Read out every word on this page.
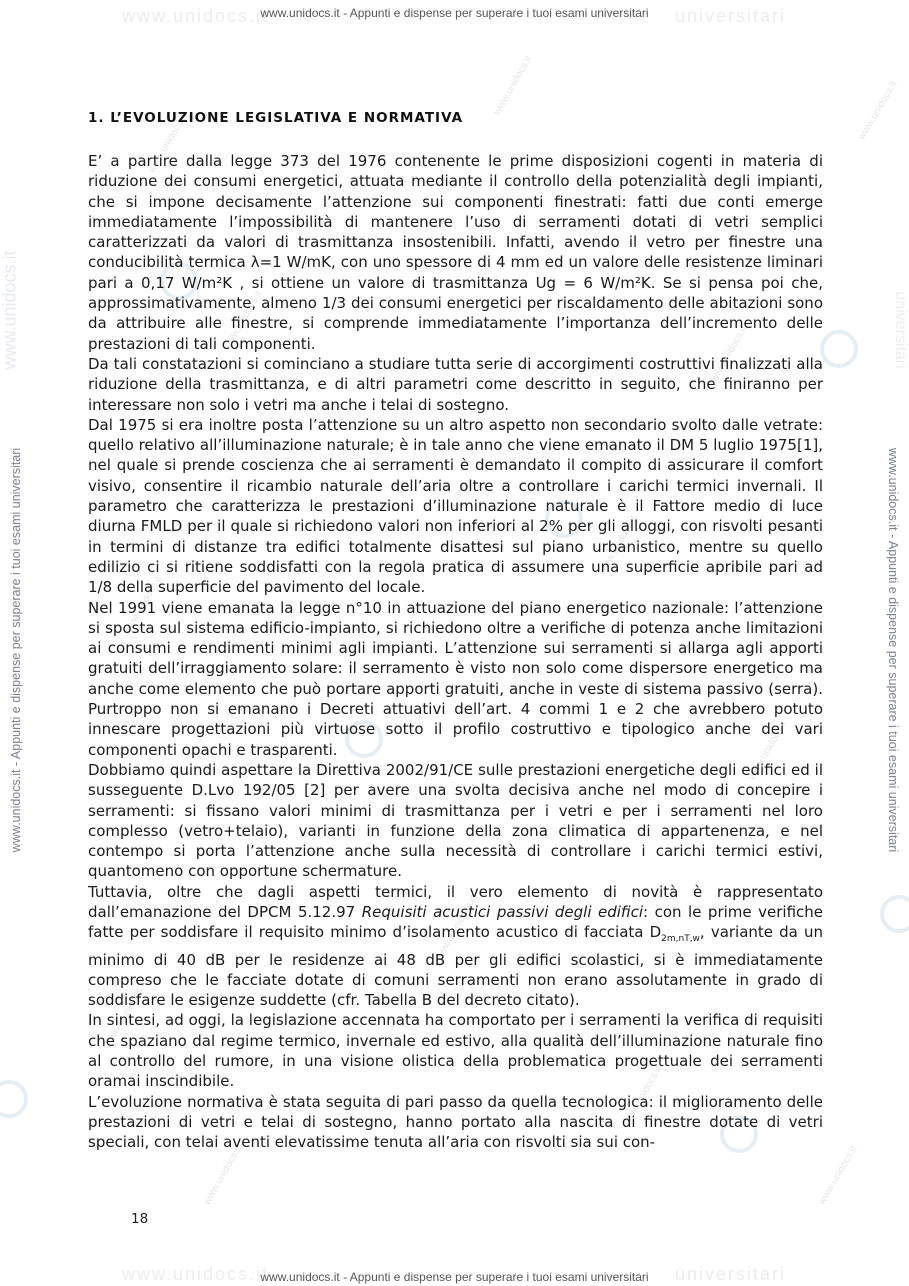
www.unidocs.it	universitari
www.unidocs.it - Appunti e dispense per superare i tuoi esami universitari
www.unidocs.it	universitari
www.unidocs.it - Appunti e dispense per superare i tuoi esami universitari	www.unidocs.it - Appunti e dispense per superare i tuoi esami universitari
www.unidocs.it
www.unidocs.it	www.unidocs.it
www.unidocs.it
www.unidocs.it
www.unidocs.it
www.unidocs.it
www.unidocs.it
www.unidocs.it
www.unidocs.it
www.unidocs.it
www.unidocs.it
www.unidocs.it
1. L’EVOLUZIONE LEGISLATIVA E NORMATIVA

E’ a partire dalla legge 373 del 1976 contenente le prime disposizioni cogenti in materia di riduzione dei consumi energetici, attuata mediante il controllo della potenzialità degli impianti, che si impone decisamente l’attenzione sui componenti finestrati: fatti due conti emerge immediatamente l’impossibilità di mantenere l’uso di serramenti dotati di vetri semplici caratterizzati da valori di trasmittanza insostenibili. Infatti, avendo il vetro per finestre una conducibilità termica λ=1 W/mK, con uno spessore di 4 mm ed un valore delle resistenze liminari pari a 0,17 W/m²K , si ottiene un valore di trasmittanza Ug = 6 W/m²K. Se si pensa poi che, approssimativamente, almeno 1/3 dei consumi energetici per riscaldamento delle abitazioni sono da attribuire alle finestre, si comprende immediatamente l’importanza dell’incremento delle prestazioni di tali componenti.

Da tali constatazioni si cominciano a studiare tutta serie di accorgimenti costruttivi finalizzati alla riduzione della trasmittanza, e di altri parametri come descritto in seguito, che finiranno per interessare non solo i vetri ma anche i telai di sostegno.

Dal 1975 si era inoltre posta l’attenzione su un altro aspetto non secondario svolto dalle vetrate: quello relativo all’illuminazione naturale; è in tale anno che viene emanato il DM 5 luglio 1975[1], nel quale si prende coscienza che ai serramenti è demandato il compito di assicurare il comfort visivo, consentire il ricambio naturale dell’aria oltre a controllare i carichi termici invernali. Il parametro che caratterizza le prestazioni d’illuminazione naturale è il Fattore medio di luce diurna FMLD per il quale si richiedono valori non inferiori al 2% per gli alloggi, con risvolti pesanti in termini di distanze tra edifici totalmente disattesi sul piano urbanistico, mentre su quello edilizio ci si ritiene soddisfatti con la regola pratica di assumere una superficie apribile pari ad 1/8 della superficie del pavimento del locale.

Nel 1991 viene emanata la legge n°10 in attuazione del piano energetico nazionale: l’attenzione si sposta sul sistema edificio-impianto, si richiedono oltre a verifiche di potenza anche limitazioni ai consumi e rendimenti minimi agli impianti. L’attenzione sui serramenti si allarga agli apporti gratuiti dell’irraggiamento solare: il serramento è visto non solo come dispersore energetico ma anche come elemento che può portare apporti gratuiti, anche in veste di sistema passivo (serra). Purtroppo non si emanano i Decreti attuativi dell’art. 4 commi 1 e 2 che avrebbero potuto innescare progettazioni più virtuose sotto il profilo costruttivo e tipologico anche dei vari componenti opachi e trasparenti.

Dobbiamo quindi aspettare la Direttiva 2002/91/CE sulle prestazioni energetiche degli edifici ed il susseguente D.Lvo 192/05 [2] per avere una svolta decisiva anche nel modo di concepire i serramenti: si fissano valori minimi di trasmittanza per i vetri e per i serramenti nel loro complesso (vetro+telaio), varianti in funzione della zona climatica di appartenenza, e nel contempo si porta l’attenzione anche sulla necessità di controllare i carichi termici estivi, quantomeno con opportune schermature.

Tuttavia, oltre che dagli aspetti termici, il vero elemento di novità è rappresentato dall’emanazione del DPCM 5.12.97 Requisiti acustici passivi degli edifici: con le prime verifiche fatte per soddisfare il requisito minimo d’isolamento acustico di facciata $D_{2m,nT,w}$, variante da un minimo di 40 dB per le residenze ai 48 dB per gli edifici scolastici, si è immediatamente compreso che le facciate dotate di comuni serramenti non erano assolutamente in grado di soddisfare le esigenze suddette (cfr. Tabella B del decreto citato).

In sintesi, ad oggi, la legislazione accennata ha comportato per i serramenti la verifica di requisiti che spaziano dal regime termico, invernale ed estivo, alla qualità dell’illuminazione naturale fino al controllo del rumore, in una visione olistica della problematica progettuale dei serramenti oramai inscindibile.

L’evoluzione normativa è stata seguita di pari passo da quella tecnologica: il miglioramento delle prestazioni di vetri e telai di sostegno, hanno portato alla nascita di finestre dotate di vetri speciali, con telai aventi elevatissime tenuta all’aria con risvolti sia sui con-

18
www.unidocs.it	universitari
www.unidocs.it - Appunti e dispense per superare i tuoi esami universitari
